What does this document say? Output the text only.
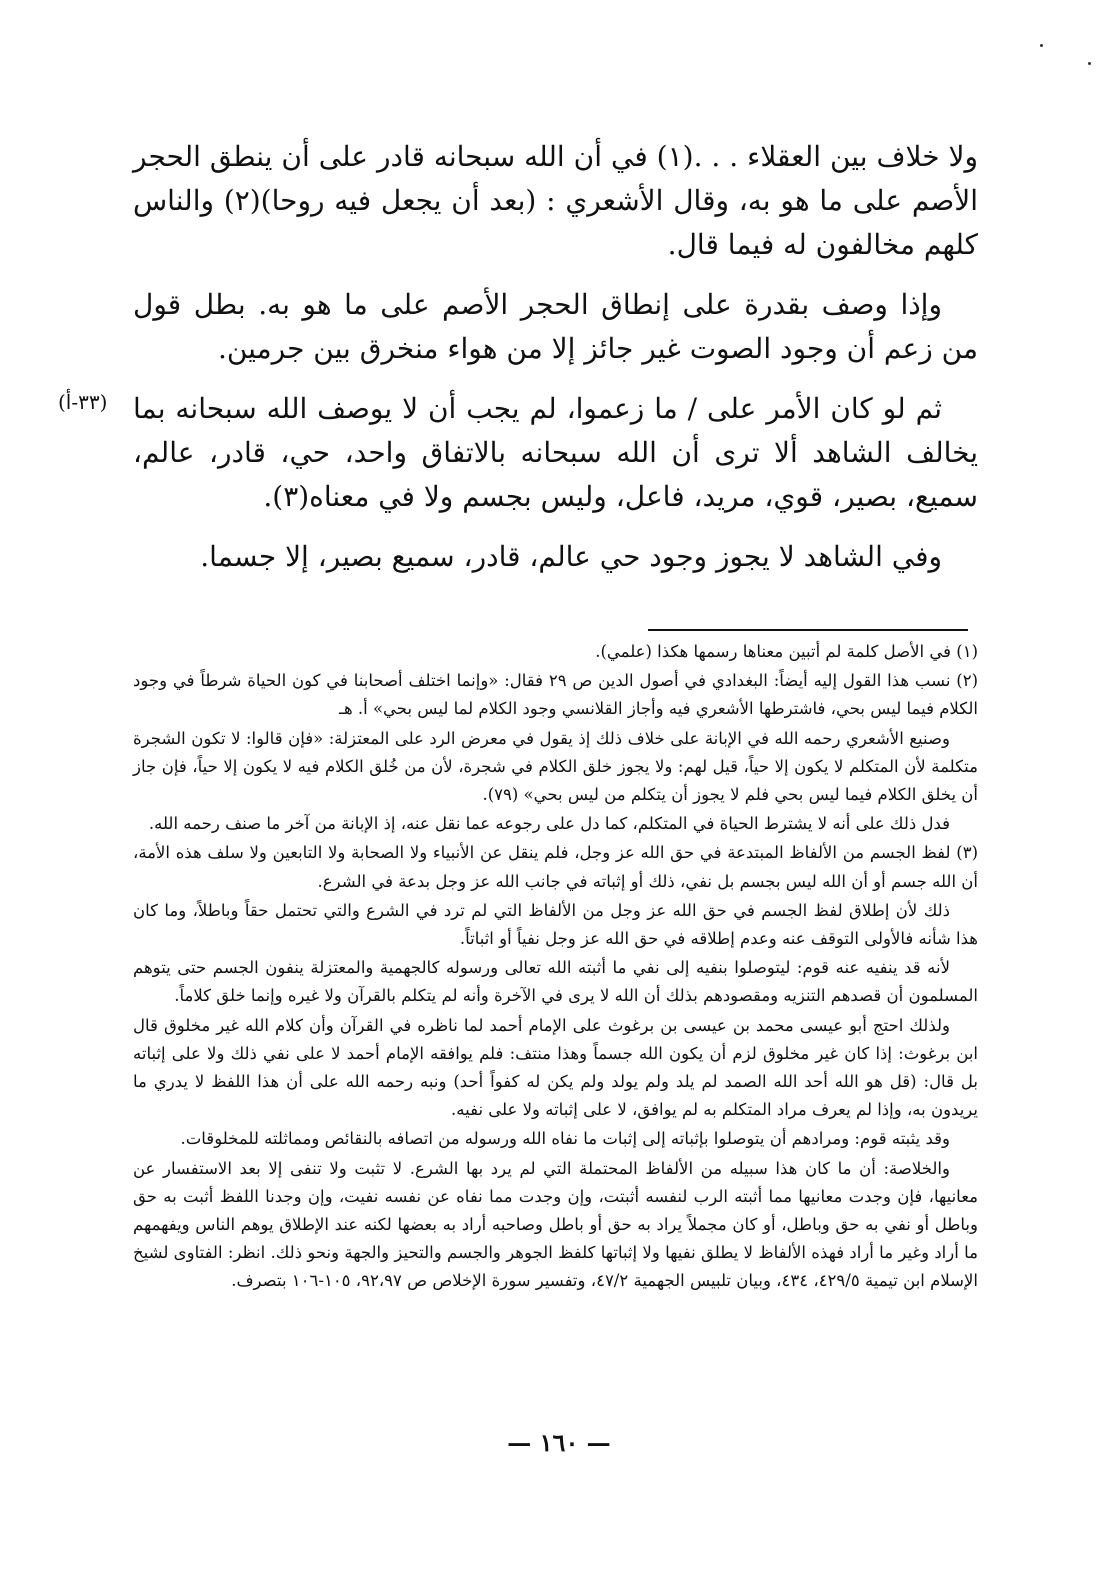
ولا خلاف بين العقلاء . . .(١) في أن الله سبحانه قادر على أن ينطق الحجر الأصم على ما هو به، وقال الأشعري : (بعد أن يجعل فيه روحا)(٢) والناس كلهم مخالفون له فيما قال.

وإذا وصف بقدرة على إنطاق الحجر الأصم على ما هو به. بطل قول من زعم أن وجود الصوت غير جائز إلا من هواء منخرق بين جرمين.

ثم لو كان الأمر على / ما زعموا، لم يجب أن لا يوصف الله سبحانه بما يخالف الشاهد ألا ترى أن الله سبحانه بالاتفاق واحد، حي، قادر، عالم، سميع، بصير، قوي، مريد، فاعل، وليس بجسم ولا في معناه(٣).

وفي الشاهد لا يجوز وجود حي عالم، قادر، سميع بصير، إلا جسما.

(٣٣-أ)

(١) في الأصل كلمة لم أتبين معناها رسمها هكذا (علمي).

(٢) نسب هذا القول إليه أيضاً: البغدادي في أصول الدين ص ٢٩ فقال: «وإنما اختلف أصحابنا في كون الحياة شرطاً في وجود الكلام فيما ليس بحي، فاشترطها الأشعري فيه وأجاز القلانسي وجود الكلام لما ليس بحي» أ. هـ

وصنيع الأشعري رحمه الله في الإبانة على خلاف ذلك إذ يقول في معرض الرد على المعتزلة: «فإن قالوا: لا تكون الشجرة متكلمة لأن المتكلم لا يكون إلا حياً، قيل لهم: ولا يجوز خلق الكلام في شجرة، لأن من خُلق الكلام فيه لا يكون إلا حياً، فإن جاز أن يخلق الكلام فيما ليس بحي فلم لا يجوز أن يتكلم من ليس بحي» (٧٩).

فدل ذلك على أنه لا يشترط الحياة في المتكلم، كما دل على رجوعه عما نقل عنه، إذ الإبانة من آخر ما صنف رحمه الله.

(٣) لفظ الجسم من الألفاظ المبتدعة في حق الله عز وجل، فلم ينقل عن الأنبياء ولا الصحابة ولا التابعين ولا سلف هذه الأمة، أن الله جسم أو أن الله ليس بجسم بل نفي، ذلك أو إثباته في جانب الله عز وجل بدعة في الشرع.

ذلك لأن إطلاق لفظ الجسم في حق الله عز وجل من الألفاظ التي لم ترد في الشرع والتي تحتمل حقاً وباطلاً، وما كان هذا شأنه فالأولى التوقف عنه وعدم إطلاقه في حق الله عز وجل نفياً أو اثباتاً.

لأنه قد ينفيه عنه قوم: ليتوصلوا بنفيه إلى نفي ما أثبته الله تعالى ورسوله كالجهمية والمعتزلة ينفون الجسم حتى يتوهم المسلمون أن قصدهم التنزيه ومقصودهم بذلك أن الله لا يرى في الآخرة وأنه لم يتكلم بالقرآن ولا غيره وإنما خلق كلاماً.

ولذلك احتج أبو عيسى محمد بن عيسى بن برغوث على الإمام أحمد لما ناظره في القرآن وأن كلام الله غير مخلوق قال ابن برغوث: إذا كان غير مخلوق لزم أن يكون الله جسماً وهذا منتف: فلم يوافقه الإمام أحمد لا على نفي ذلك ولا على إثباته بل قال: (قل هو الله أحد الله الصمد لم يلد ولم يولد ولم يكن له كفواً أحد) ونبه رحمه الله على أن هذا اللفظ لا يدري ما يريدون به، وإذا لم يعرف مراد المتكلم به لم يوافق، لا على إثباته ولا على نفيه.

وقد يثبته قوم: ومرادهم أن يتوصلوا بإثباته إلى إثبات ما نفاه الله ورسوله من اتصافه بالنقائص ومماثلته للمخلوقات.

والخلاصة: أن ما كان هذا سبيله من الألفاظ المحتملة التي لم يرد بها الشرع. لا تثبت ولا تنفى إلا بعد الاستفسار عن معانيها، فإن وجدت معانيها مما أثبته الرب لنفسه أثبتت، وإن وجدت مما نفاه عن نفسه نفيت، وإن وجدنا اللفظ أثبت به حق وباطل أو نفي به حق وباطل، أو كان مجملاً يراد به حق أو باطل وصاحبه أراد به بعضها لكنه عند الإطلاق يوهم الناس ويفهمهم ما أراد وغير ما أراد فهذه الألفاظ لا يطلق نفيها ولا إثباتها كلفظ الجوهر والجسم والتحيز والجهة ونحو ذلك. انظر: الفتاوى لشيخ الإسلام ابن تيمية ٤٢٩/٥، ٤٣٤، وبيان تلبيس الجهمية ٤٧/٢، وتفسير سورة الإخلاص ص ٩٢،٩٧، ١٠٥-١٠٦ بتصرف.

— ١٦٠ —
